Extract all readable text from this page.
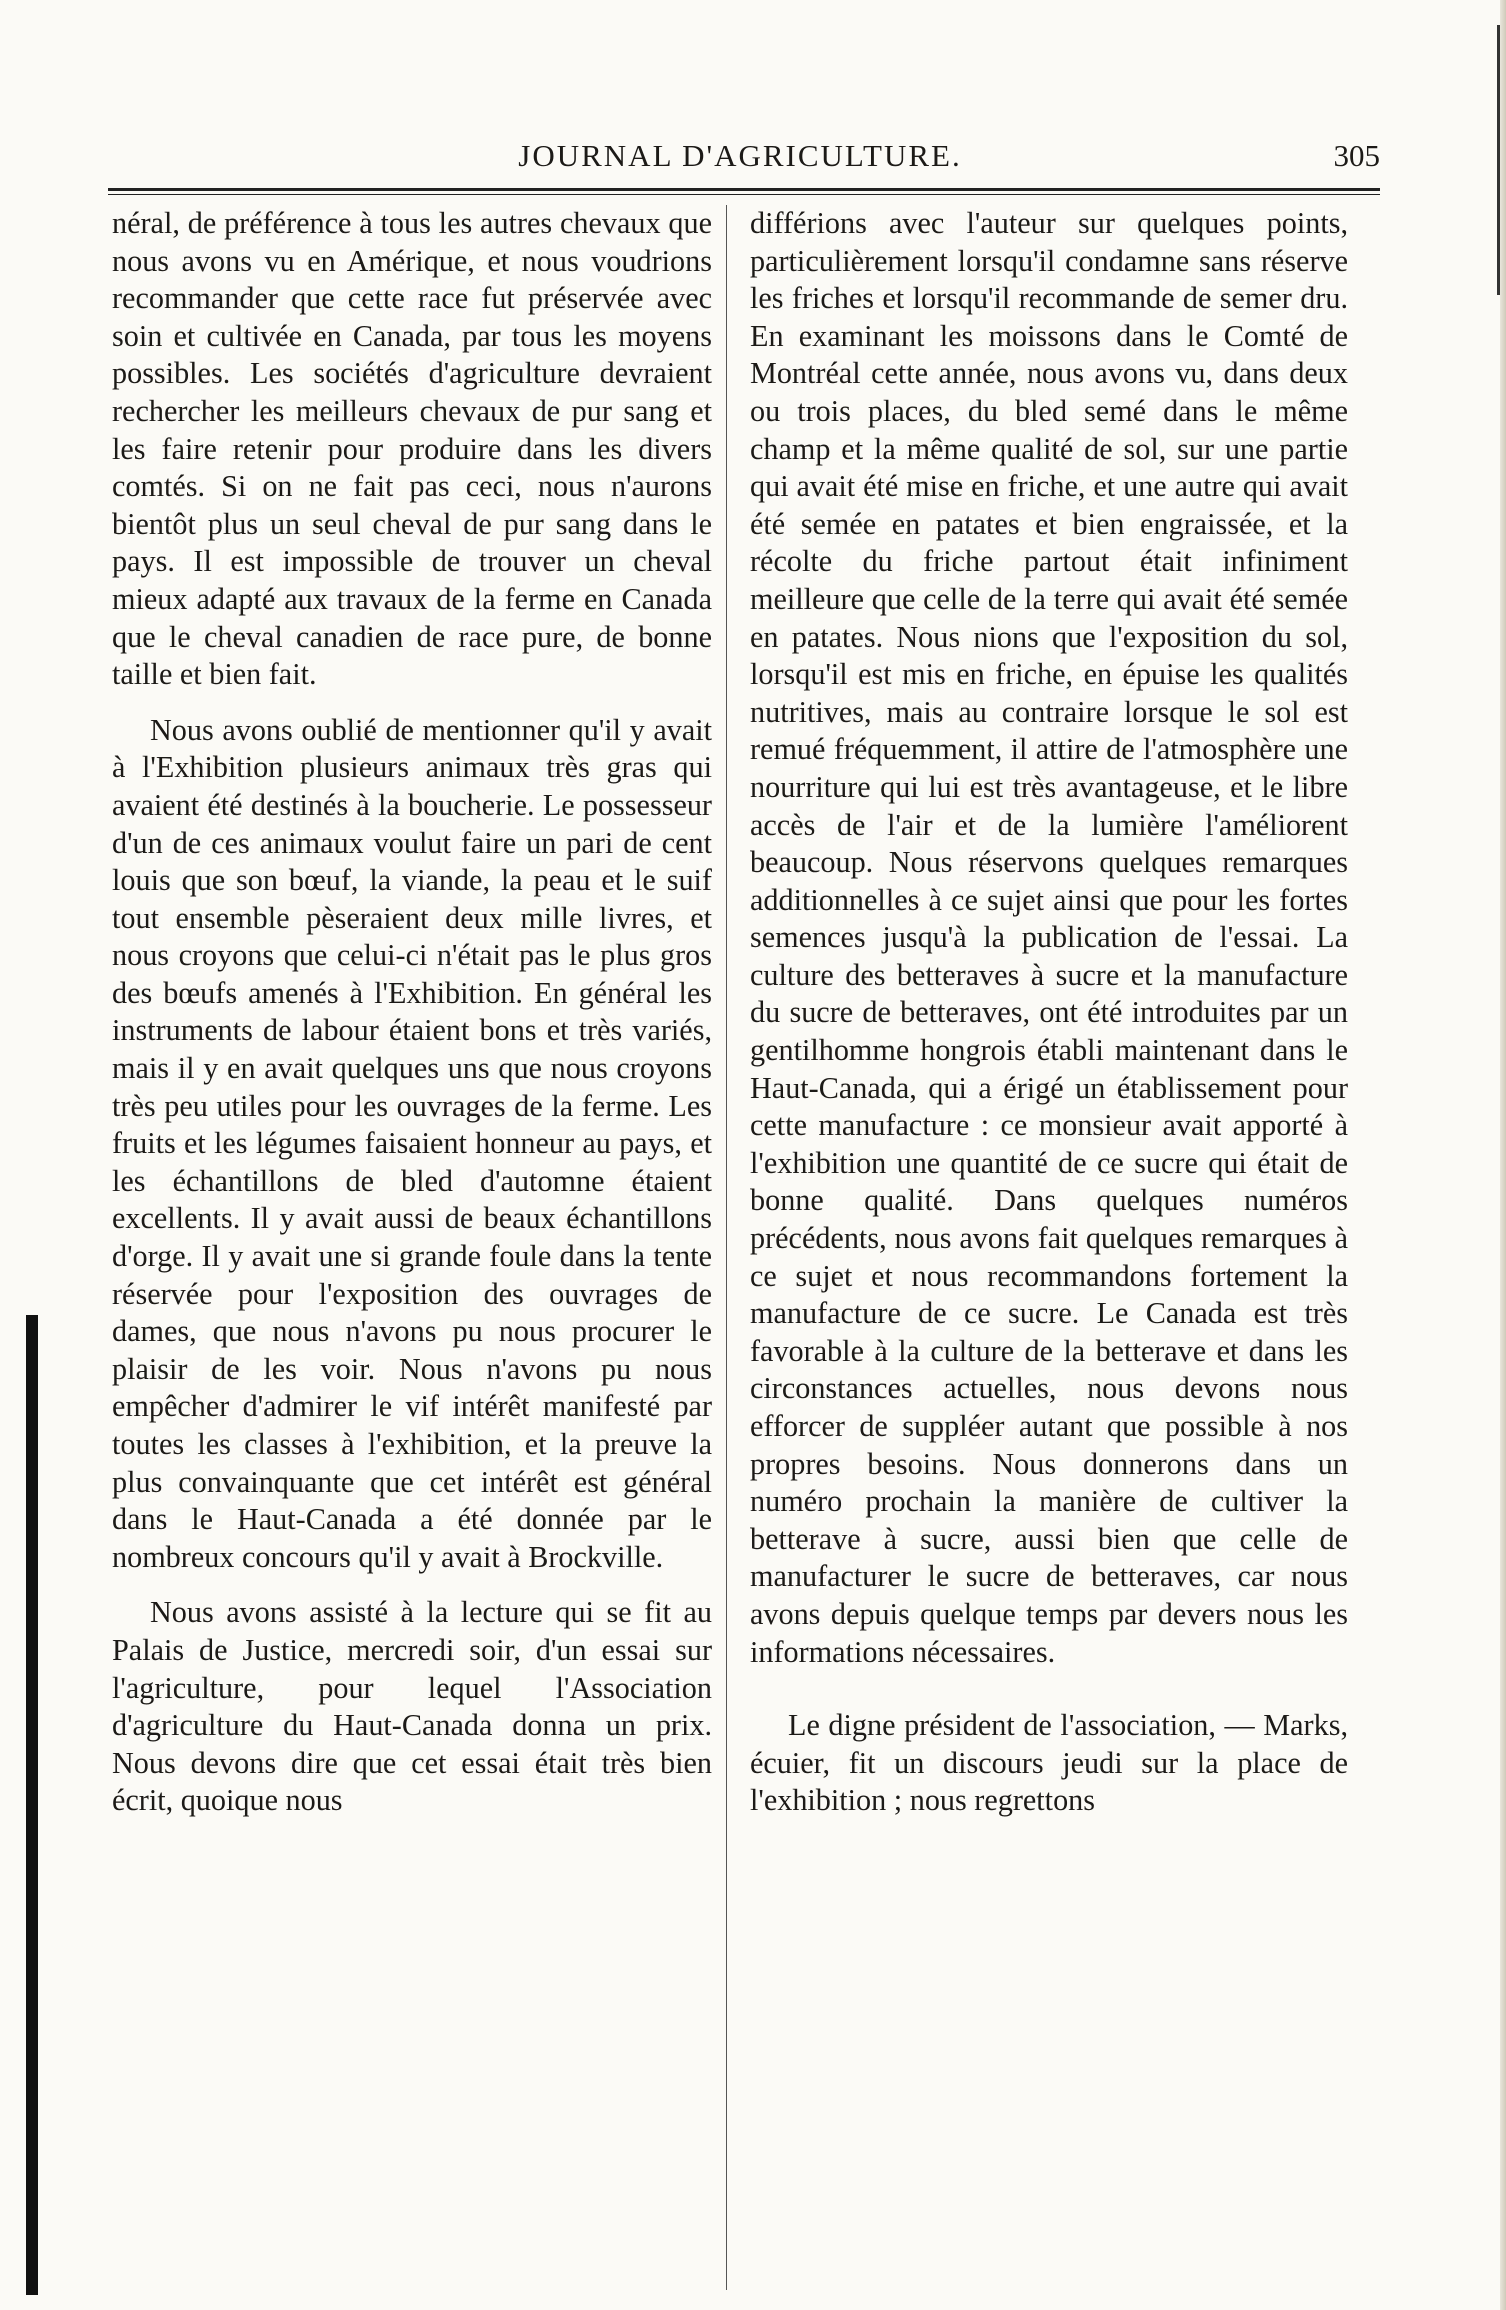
JOURNAL D'AGRICULTURE.	305

néral, de préférence à tous les autres chevaux que nous avons vu en Amérique, et nous voudrions recommander que cette race fut préservée avec soin et cultivée en Canada, par tous les moyens possibles. Les sociétés d'agriculture devraient rechercher les meilleurs chevaux de pur sang et les faire retenir pour produire dans les divers comtés. Si on ne fait pas ceci, nous n'aurons bientôt plus un seul cheval de pur sang dans le pays. Il est impossible de trouver un cheval mieux adapté aux travaux de la ferme en Canada que le cheval canadien de race pure, de bonne taille et bien fait.

Nous avons oublié de mentionner qu'il y avait à l'Exhibition plusieurs animaux très gras qui avaient été destinés à la boucherie. Le possesseur d'un de ces animaux voulut faire un pari de cent louis que son bœuf, la viande, la peau et le suif tout ensemble pèseraient deux mille livres, et nous croyons que celui-ci n'était pas le plus gros des bœufs amenés à l'Exhibition. En général les instruments de labour étaient bons et très variés, mais il y en avait quelques uns que nous croyons très peu utiles pour les ouvrages de la ferme. Les fruits et les légumes faisaient honneur au pays, et les échantillons de bled d'automne étaient excellents. Il y avait aussi de beaux échantillons d'orge. Il y avait une si grande foule dans la tente réservée pour l'exposition des ouvrages de dames, que nous n'avons pu nous procurer le plaisir de les voir. Nous n'avons pu nous empêcher d'admirer le vif intérêt manifesté par toutes les classes à l'exhibition, et la preuve la plus convainquante que cet intérêt est général dans le Haut-Canada a été donnée par le nombreux concours qu'il y avait à Brockville.

Nous avons assisté à la lecture qui se fit au Palais de Justice, mercredi soir, d'un essai sur l'agriculture, pour lequel l'Association d'agriculture du Haut-Canada donna un prix. Nous devons dire que cet essai était très bien écrit, quoique nous

différions avec l'auteur sur quelques points, particulièrement lorsqu'il condamne sans réserve les friches et lorsqu'il recommande de semer dru. En examinant les moissons dans le Comté de Montréal cette année, nous avons vu, dans deux ou trois places, du bled semé dans le même champ et la même qualité de sol, sur une partie qui avait été mise en friche, et une autre qui avait été semée en patates et bien engraissée, et la récolte du friche partout était infiniment meilleure que celle de la terre qui avait été semée en patates. Nous nions que l'exposition du sol, lorsqu'il est mis en friche, en épuise les qualités nutritives, mais au contraire lorsque le sol est remué fréquemment, il attire de l'atmosphère une nourriture qui lui est très avantageuse, et le libre accès de l'air et de la lumière l'améliorent beaucoup. Nous réservons quelques remarques additionnelles à ce sujet ainsi que pour les fortes semences jusqu'à la publication de l'essai. La culture des betteraves à sucre et la manufacture du sucre de betteraves, ont été introduites par un gentilhomme hongrois établi maintenant dans le Haut-Canada, qui a érigé un établissement pour cette manufacture : ce monsieur avait apporté à l'exhibition une quantité de ce sucre qui était de bonne qualité. Dans quelques numéros précédents, nous avons fait quelques remarques à ce sujet et nous recommandons fortement la manufacture de ce sucre. Le Canada est très favorable à la culture de la betterave et dans les circonstances actuelles, nous devons nous efforcer de suppléer autant que possible à nos propres besoins. Nous donnerons dans un numéro prochain la manière de cultiver la betterave à sucre, aussi bien que celle de manufacturer le sucre de betteraves, car nous avons depuis quelque temps par devers nous les informations nécessaires.

Le digne président de l'association, — Marks, écuier, fit un discours jeudi sur la place de l'exhibition ; nous regrettons
